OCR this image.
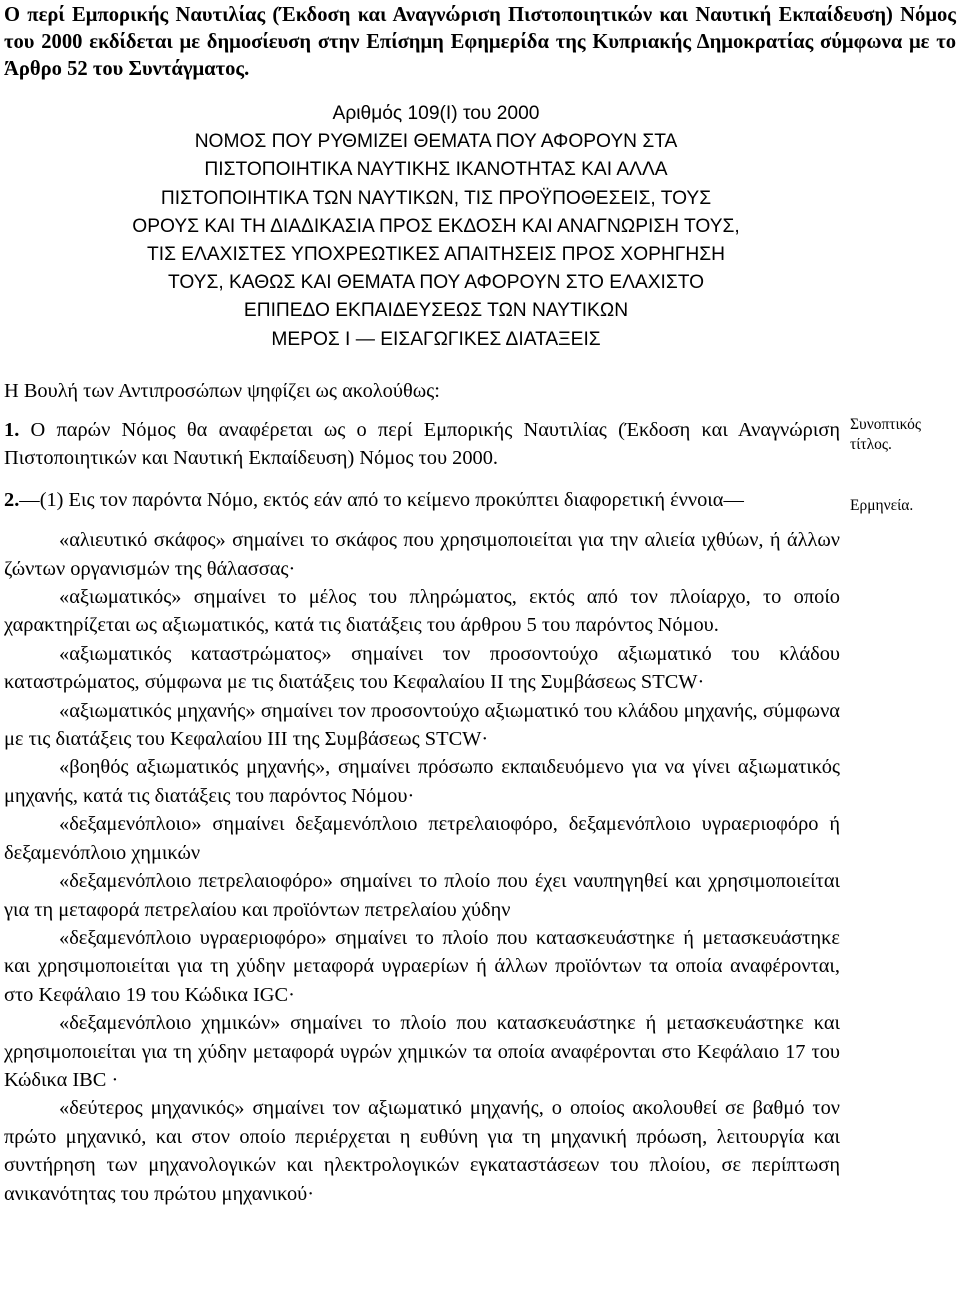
Ο περί Εμπορικής Ναυτιλίας (Έκδοση και Αναγνώριση Πιστοποιητικών και Ναυτική Εκπαίδευση) Νόμος του 2000 εκδίδεται με δημοσίευση στην Επίσημη Εφημερίδα της Κυπριακής Δημοκρατίας σύμφωνα με το Άρθρο 52 του Συντάγματος.
Αριθμός 109(Ι) του 2000
ΝΟΜΟΣ ΠΟΥ ΡΥΘΜΙΖΕΙ ΘΕΜΑΤΑ ΠΟΥ ΑΦΟΡΟΥΝ ΣΤΑ
ΠΙΣΤΟΠΟΙΗΤΙΚΑ ΝΑΥΤΙΚΗΣ ΙΚΑΝΟΤΗΤΑΣ ΚΑΙ ΑΛΛΑ
ΠΙΣΤΟΠΟΙΗΤΙΚΑ ΤΩΝ ΝΑΥΤΙΚΩΝ, ΤΙΣ ΠΡΟΫΠΟΘΕΣΕΙΣ, ΤΟΥΣ
ΟΡΟΥΣ ΚΑΙ ΤΗ ΔΙΑΔΙΚΑΣΙΑ ΠΡΟΣ ΕΚΔΟΣΗ ΚΑΙ ΑΝΑΓΝΩΡΙΣΗ ΤΟΥΣ,
ΤΙΣ ΕΛΑΧΙΣΤΕΣ ΥΠΟΧΡΕΩΤΙΚΕΣ ΑΠΑΙΤΗΣΕΙΣ ΠΡΟΣ ΧΟΡΗΓΗΣΗ
ΤΟΥΣ, ΚΑΘΩΣ ΚΑΙ ΘΕΜΑΤΑ ΠΟΥ ΑΦΟΡΟΥΝ ΣΤΟ ΕΛΑΧΙΣΤΟ
ΕΠΙΠΕΔΟ ΕΚΠΑΙΔΕΥΣΕΩΣ ΤΩΝ ΝΑΥΤΙΚΩΝ
ΜΕΡΟΣ Ι — ΕΙΣΑΓΩΓΙΚΕΣ ΔΙΑΤΑΞΕΙΣ
Η Βουλή των Αντιπροσώπων ψηφίζει ως ακολούθως:

1. Ο παρών Νόμος θα αναφέρεται ως ο περί Εμπορικής Ναυτιλίας (Έκδοση και Αναγνώριση Πιστοποιητικών και Ναυτική Εκπαίδευση) Νόμος του 2000.

2.—(1) Εις τον παρόντα Νόμο, εκτός εάν από το κείμενο προκύπτει διαφορετική έννοια—

«αλιευτικό σκάφος» σημαίνει το σκάφος που χρησιμοποιείται για την αλιεία ιχθύων, ή άλλων ζώντων οργανισμών της θάλασσας·

«αξιωματικός» σημαίνει το μέλος του πληρώματος, εκτός από τον πλοίαρχο, το οποίο χαρακτηρίζεται ως αξιωματικός, κατά τις διατάξεις του άρθρου 5 του παρόντος Νόμου.

«αξιωματικός καταστρώματος» σημαίνει τον προσοντούχο αξιωματικό του κλάδου καταστρώματος, σύμφωνα με τις διατάξεις του Κεφαλαίου ΙΙ της Συμβάσεως STCW·

«αξιωματικός μηχανής» σημαίνει τον προσοντούχο αξιωματικό του κλάδου μηχανής, σύμφωνα με τις διατάξεις του Κεφαλαίου ΙΙΙ της Συμβάσεως STCW·

«βοηθός αξιωματικός μηχανής», σημαίνει πρόσωπο εκπαιδευόμενο για να γίνει αξιωματικός μηχανής, κατά τις διατάξεις του παρόντος Νόμου·

«δεξαμενόπλοιο» σημαίνει δεξαμενόπλοιο πετρελαιοφόρο, δεξαμενόπλοιο υγραεριοφόρο ή δεξαμενόπλοιο χημικών

«δεξαμενόπλοιο πετρελαιοφόρο» σημαίνει το πλοίο που έχει ναυπηγηθεί και χρησιμοποιείται για τη μεταφορά πετρελαίου και προϊόντων πετρελαίου χύδην

«δεξαμενόπλοιο υγραεριοφόρο» σημαίνει το πλοίο που κατασκευάστηκε ή μετασκευάστηκε και χρησιμοποιείται για τη χύδην μεταφορά υγραερίων ή άλλων προϊόντων τα οποία αναφέρονται, στο Κεφάλαιο 19 του Κώδικα IGC·

«δεξαμενόπλοιο χημικών» σημαίνει το πλοίο που κατασκευάστηκε ή μετασκευάστηκε και χρησιμοποιείται για τη χύδην μεταφορά υγρών χημικών τα οποία αναφέρονται στο Κεφάλαιο 17 του Κώδικα IBC ·

«δεύτερος μηχανικός» σημαίνει τον αξιωματικό μηχανής, ο οποίος ακολουθεί σε βαθμό τον πρώτο μηχανικό, και στον οποίο περιέρχεται η ευθύνη για τη μηχανική πρόωση, λειτουργία και συντήρηση των μηχανολογικών και ηλεκτρολογικών εγκαταστάσεων του πλοίου, σε περίπτωση ανικανότητας του πρώτου μηχανικού·

Συνοπτικός τίτλος.
Ερμηνεία.
